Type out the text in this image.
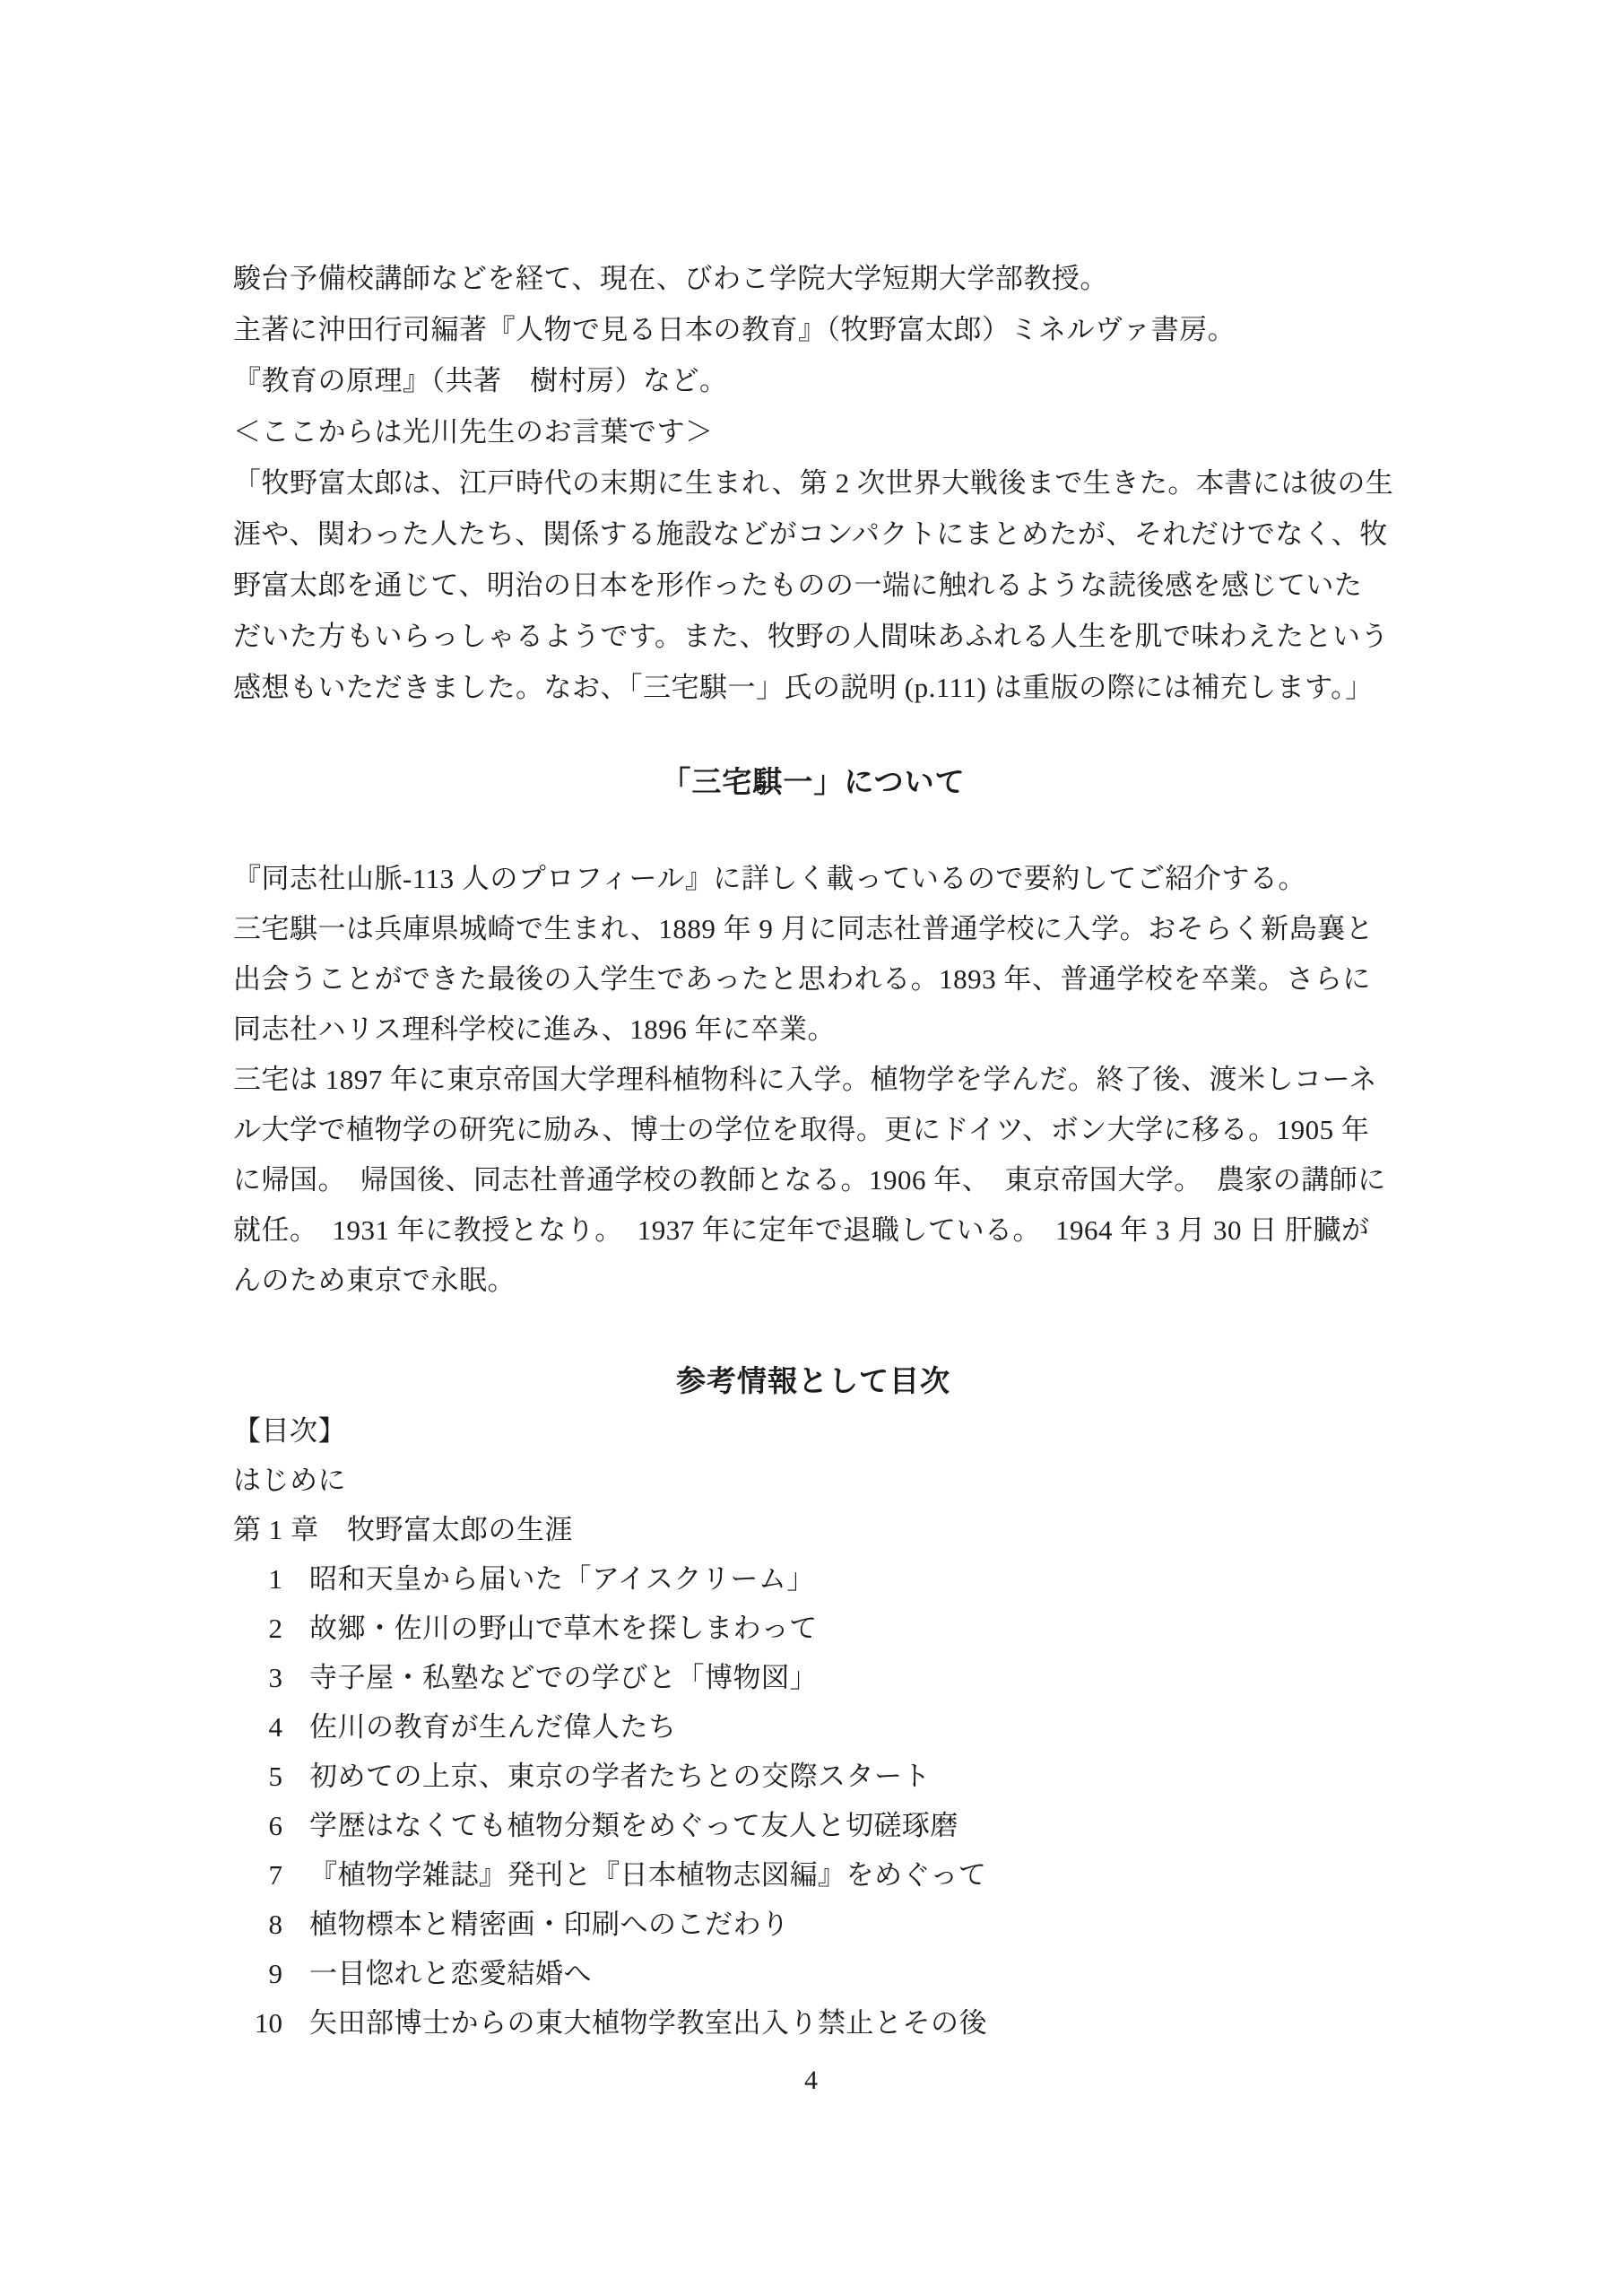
駿台予備校講師などを経て、現在、びわこ学院大学短期大学部教授。
主著に沖田行司編著『人物で見る日本の教育』（牧野富太郎）ミネルヴァ書房。
『教育の原理』（共著　樹村房）など。
＜ここからは光川先生のお言葉です＞
「牧野富太郎は、江戸時代の末期に生まれ、第 2 次世界大戦後まで生きた。本書には彼の生
涯や、関わった人たち、関係する施設などがコンパクトにまとめたが、それだけでなく、牧
野富太郎を通じて、明治の日本を形作ったものの一端に触れるような読後感を感じていた
だいた方もいらっしゃるようです。また、牧野の人間味あふれる人生を肌で味わえたという
感想もいただきました。なお、「三宅騏一」氏の説明 (p.111) は重版の際には補充します。」
「三宅騏一」について
『同志社山脈-113 人のプロフィール』に詳しく載っているので要約してご紹介する。
三宅騏一は兵庫県城崎で生まれ、1889 年 9 月に同志社普通学校に入学。おそらく新島襄と
出会うことができた最後の入学生であったと思われる。1893 年、普通学校を卒業。さらに
同志社ハリス理科学校に進み、1896 年に卒業。
三宅は 1897 年に東京帝国大学理科植物科に入学。植物学を学んだ。終了後、渡米しコーネ
ル大学で植物学の研究に励み、博士の学位を取得。更にドイツ、ボン大学に移る。1905 年
に帰国。　帰国後、同志社普通学校の教師となる。1906 年、　東京帝国大学。　農家の講師に
就任。　1931 年に教授となり。　1937 年に定年で退職している。　1964 年 3 月 30 日 肝臓が
んのため東京で永眠。
参考情報として目次
【目次】
はじめに
第 1 章　牧野富太郎の生涯
1 昭和天皇から届いた「アイスクリーム」
2 故郷・佐川の野山で草木を探しまわって
3 寺子屋・私塾などでの学びと「博物図」
4 佐川の教育が生んだ偉人たち
5 初めての上京、東京の学者たちとの交際スタート
6 学歴はなくても植物分類をめぐって友人と切磋琢磨
7 『植物学雑誌』発刊と『日本植物志図編』をめぐって
8 植物標本と精密画・印刷へのこだわり
9 一目惚れと恋愛結婚へ
10 矢田部博士からの東大植物学教室出入り禁止とその後
4
